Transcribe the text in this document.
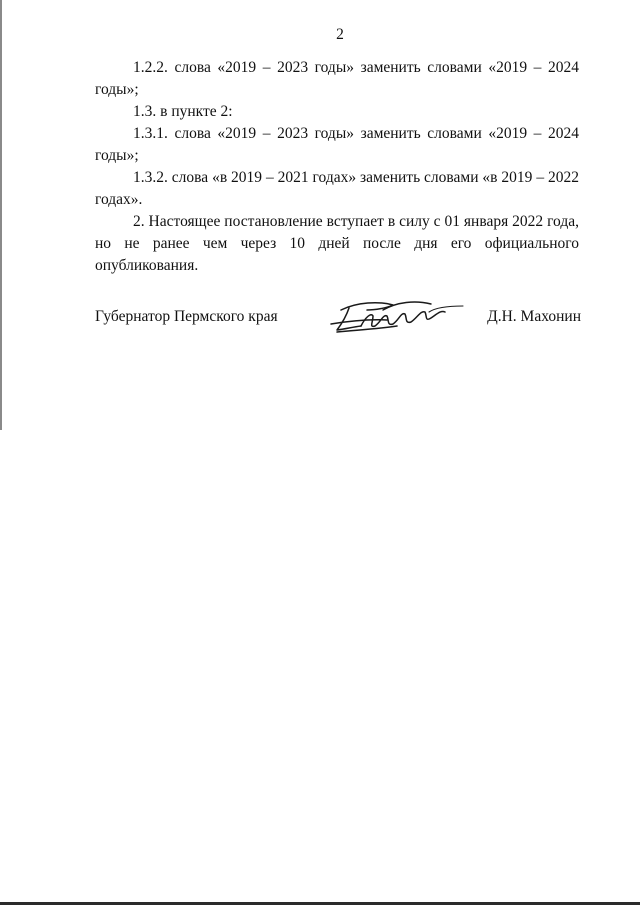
2

1.2.2. слова «2019 – 2023 годы» заменить словами «2019 – 2024 годы»;

1.3. в пункте 2:

1.3.1. слова «2019 – 2023 годы» заменить словами «2019 – 2024 годы»;

1.3.2. слова «в 2019 – 2021 годах» заменить словами «в 2019 – 2022 годах».

2. Настоящее постановление вступает в силу с 01 января 2022 года, но не ранее чем через 10 дней после дня его официального опубликования.

Губернатор Пермского края	Д.Н. Махонин
